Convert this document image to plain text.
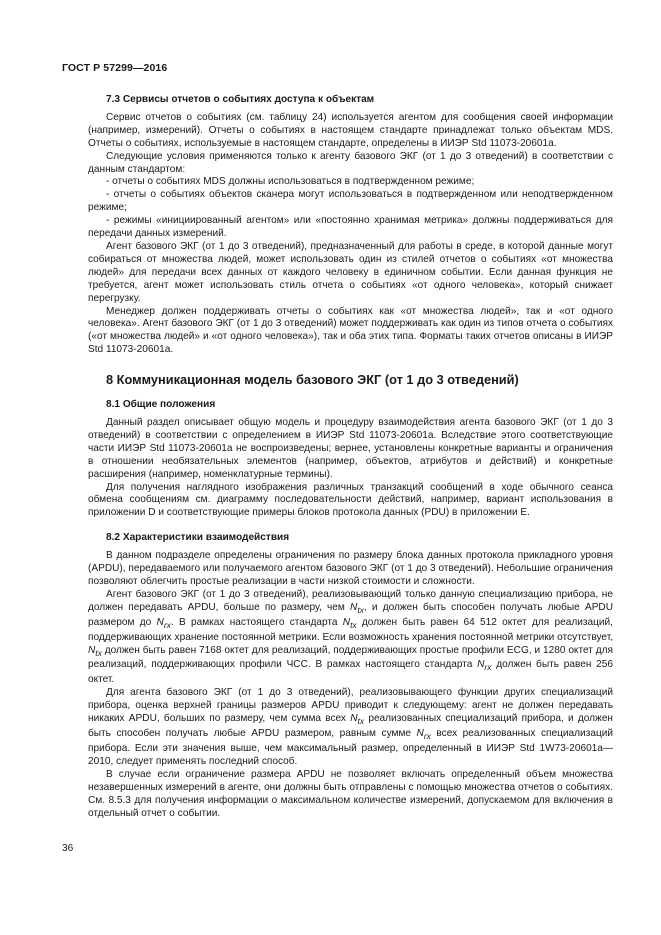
ГОСТ Р 57299—2016

7.3 Сервисы отчетов о событиях доступа к объектам

Сервис отчетов о событиях (см. таблицу 24) используется агентом для сообщения своей информации (например, измерений). Отчеты о событиях в настоящем стандарте принадлежат только объектам MDS. Отчеты о событиях, используемые в настоящем стандарте, определены в ИИЭР Std 11073-20601a.

Следующие условия применяются только к агенту базового ЭКГ (от 1 до 3 отведений) в соответствии с данным стандартом:

- отчеты о событиях MDS должны использоваться в подтвержденном режиме;

- отчеты о событиях объектов сканера могут использоваться в подтвержденном или неподтвержденном режиме;

- режимы «инициированный агентом» или «постоянно хранимая метрика» должны поддерживаться для передачи данных измерений.

Агент базового ЭКГ (от 1 до 3 отведений), предназначенный для работы в среде, в которой данные могут собираться от множества людей, может использовать один из стилей отчетов о событиях «от множества людей» для передачи всех данных от каждого человеку в единичном событии. Если данная функция не требуется, агент может использовать стиль отчета о событиях «от одного человека», который снижает перегрузку.

Менеджер должен поддерживать отчеты о событиях как «от множества людей», так и «от одного человека». Агент базового ЭКГ (от 1 до 3 отведений) может поддерживать как один из типов отчета о событиях («от множества людей» и «от одного человека»), так и оба этих типа. Форматы таких отчетов описаны в ИИЭР Std 11073-20601a.

8 Коммуникационная модель базового ЭКГ (от 1 до 3 отведений)

8.1 Общие положения

Данный раздел описывает общую модель и процедуру взаимодействия агента базового ЭКГ (от 1 до 3 отведений) в соответствии с определением в ИИЭР Std 11073-20601a. Вследствие этого соответствующие части ИИЭР Std 11073-20601a не воспроизведены; вернее, установлены конкретные варианты и ограничения в отношении необязательных элементов (например, объектов, атрибутов и действий) и конкретные расширения (например, номенклатурные термины).

Для получения наглядного изображения различных транзакций сообщений в ходе обычного сеанса обмена сообщениям см. диаграмму последовательности действий, например, вариант использования в приложении D и соответствующие примеры блоков протокола данных (PDU) в приложении E.

8.2 Характеристики взаимодействия

В данном подразделе определены ограничения по размеру блока данных протокола прикладного уровня (APDU), передаваемого или получаемого агентом базового ЭКГ (от 1 до 3 отведений). Небольшие ограничения позволяют облегчить простые реализации в части низкой стоимости и сложности.

Агент базового ЭКГ (от 1 до 3 отведений), реализовывающий только данную специализацию прибора, не должен передавать APDU, больше по размеру, чем $N_{tx}$, и должен быть способен получать любые APDU размером до $N_{rx}$. В рамках настоящего стандарта $N_{tx}$ должен быть равен 64 512 октет для реализаций, поддерживающих хранение постоянной метрики. Если возможность хранения постоянной метрики отсутствует, $N_{tx}$ должен быть равен 7168 октет для реализаций, поддерживающих простые профили ECG, и 1280 октет для реализаций, поддерживающих профили ЧСС. В рамках настоящего стандарта $N_{rx}$ должен быть равен 256 октет.

Для агента базового ЭКГ (от 1 до 3 отведений), реализовывающего функции других специализаций прибора, оценка верхней границы размеров APDU приводит к следующему: агент не должен передавать никаких APDU, больших по размеру, чем сумма всех $N_{tx}$ реализованных специализаций прибора, и должен быть способен получать любые APDU размером, равным сумме $N_{rx}$ всех реализованных специализаций прибора. Если эти значения выше, чем максимальный размер, определенный в ИИЭР Std 1W73-20601a—2010, следует применять последний способ.

В случае если ограничение размера APDU не позволяет включать определенный объем множества незавершенных измерений в агенте, они должны быть отправлены с помощью множества отчетов о событиях. См. 8.5.3 для получения информации о максимальном количестве измерений, допускаемом для включения в отдельный отчет о событии.

36
